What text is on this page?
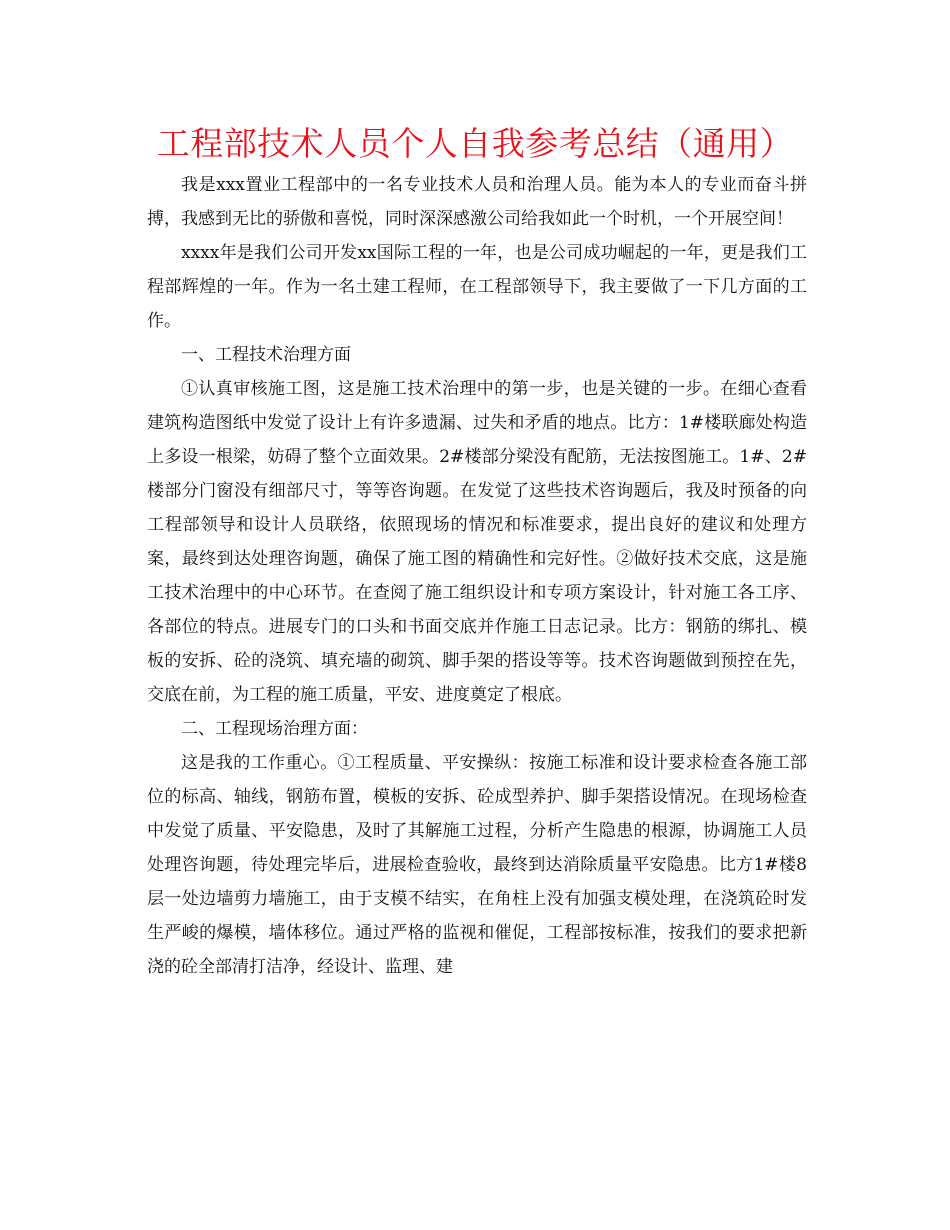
工程部技术人员个人自我参考总结（通用）

我是xxx置业工程部中的一名专业技术人员和治理人员。能为本人的专业而奋斗拼搏，我感到无比的骄傲和喜悦，同时深深感激公司给我如此一个时机，一个开展空间！

xxxx年是我们公司开发xx国际工程的一年，也是公司成功崛起的一年，更是我们工程部辉煌的一年。作为一名土建工程师，在工程部领导下，我主要做了一下几方面的工作。

一、工程技术治理方面

①认真审核施工图，这是施工技术治理中的第一步，也是关键的一步。在细心查看建筑构造图纸中发觉了设计上有许多遗漏、过失和矛盾的地点。比方：1#楼联廊处构造上多设一根梁，妨碍了整个立面效果。2#楼部分梁没有配筋，无法按图施工。1#、2#楼部分门窗没有细部尺寸，等等咨询题。在发觉了这些技术咨询题后，我及时预备的向工程部领导和设计人员联络，依照现场的情况和标准要求，提出良好的建议和处理方案，最终到达处理咨询题，确保了施工图的精确性和完好性。②做好技术交底，这是施工技术治理中的中心环节。在查阅了施工组织设计和专项方案设计，针对施工各工序、各部位的特点。进展专门的口头和书面交底并作施工日志记录。比方：钢筋的绑扎、模板的安拆、砼的浇筑、填充墙的砌筑、脚手架的搭设等等。技术咨询题做到预控在先，交底在前，为工程的施工质量，平安、进度奠定了根底。

二、工程现场治理方面：

这是我的工作重心。①工程质量、平安操纵：按施工标准和设计要求检查各施工部位的标高、轴线，钢筋布置，模板的安拆、砼成型养护、脚手架搭设情况。在现场检查中发觉了质量、平安隐患，及时了其解施工过程，分析产生隐患的根源，协调施工人员处理咨询题，待处理完毕后，进展检查验收，最终到达消除质量平安隐患。比方1#楼8层一处边墙剪力墙施工，由于支模不结实，在角柱上没有加强支模处理，在浇筑砼时发生严峻的爆模，墙体移位。通过严格的监视和催促，工程部按标准，按我们的要求把新浇的砼全部清打洁净，经设计、监理、建
